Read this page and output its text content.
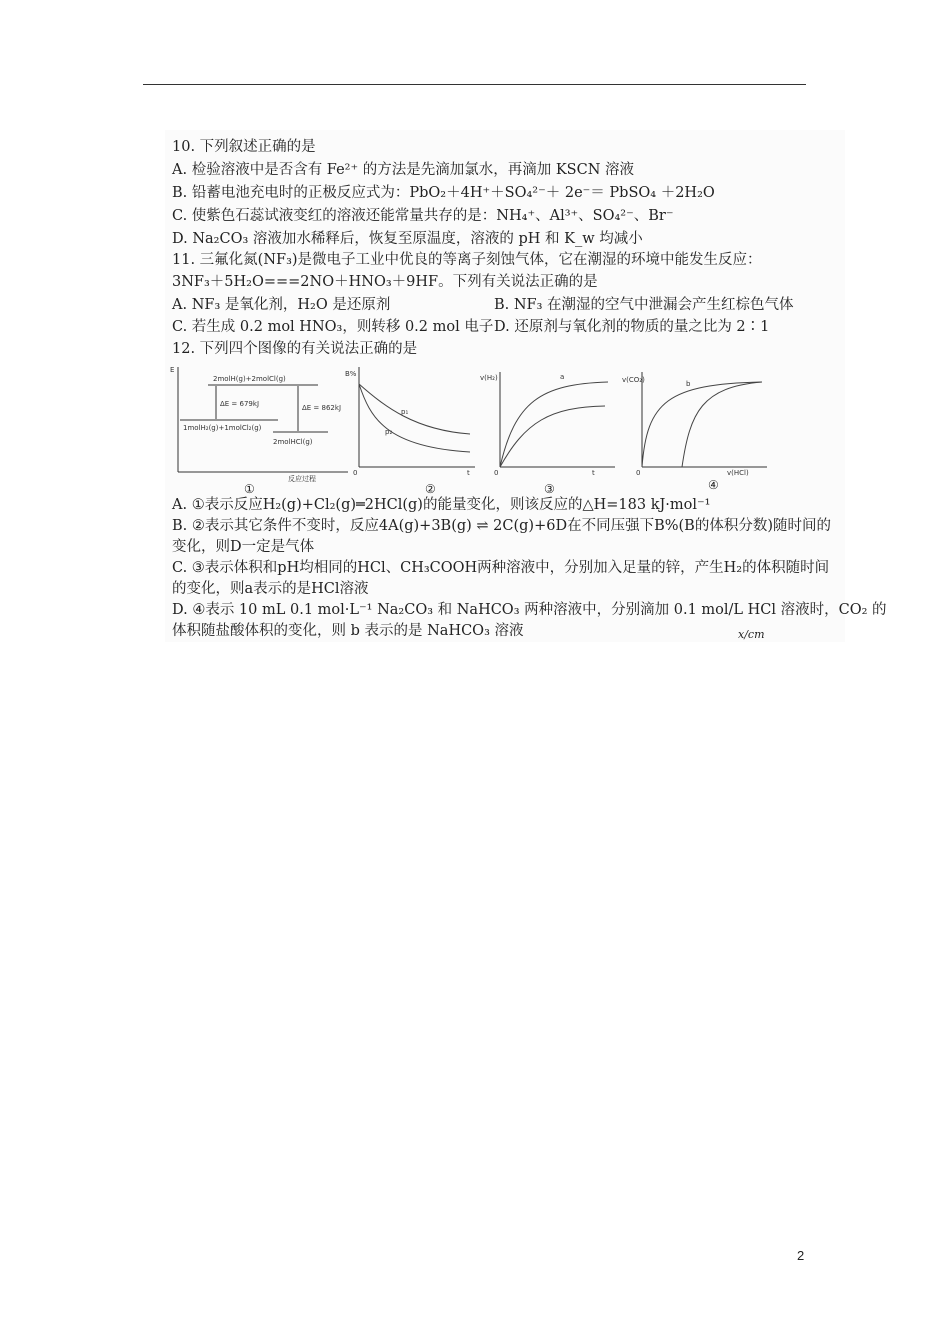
10. 下列叙述正确的是
A. 检验溶液中是否含有 Fe²⁺ 的方法是先滴加氯水，再滴加 KSCN 溶液
B. 铅蓄电池充电时的正极反应式为：PbO₂＋4H⁺＋SO₄²⁻＋ 2e⁻＝ PbSO₄ ＋2H₂O
C. 使紫色石蕊试液变红的溶液还能常量共存的是：NH₄⁺、Al³⁺、SO₄²⁻、Br⁻
D. Na₂CO₃ 溶液加水稀释后，恢复至原温度，溶液的 pH 和 K_w 均减小
11. 三氟化氮(NF₃)是微电子工业中优良的等离子刻蚀气体，它在潮湿的环境中能发生反应：
3NF₃＋5H₂O===2NO＋HNO₃＋9HF。下列有关说法正确的是
A. NF₃ 是氧化剂，H₂O 是还原剂	B. NF₃ 在潮湿的空气中泄漏会产生红棕色气体
C. 若生成 0.2 mol HNO₃，则转移 0.2 mol 电子 D. 还原剂与氧化剂的物质的量之比为 2∶1
12. 下列四个图像的有关说法正确的是
E
2molH(g)+2molCl(g)
1molH₂(g)+1molCl₂(g)
2molHCl(g)
ΔE = 679kJ	ΔE = 862kJ
反应过程
①
B%
0	t
p₁
p₂
②
v(H₂)
0	t
a
③
v(CO₂)
0	v(HCl)
b
④
A. ①表示反应H₂(g)+Cl₂(g)═2HCl(g)的能量变化，则该反应的△H=183 kJ·mol⁻¹
B. ②表示其它条件不变时，反应4A(g)+3B(g) ⇌ 2C(g)+6D在不同压强下B%(B的体积分数)随时间的
变化，则D一定是气体
C. ③表示体积和pH均相同的HCl、CH₃COOH两种溶液中，分别加入足量的锌，产生H₂的体积随时间
的变化，则a表示的是HCl溶液
D. ④表示 10 mL 0.1 mol·L⁻¹ Na₂CO₃ 和 NaHCO₃ 两种溶液中，分别滴加 0.1 mol/L HCl 溶液时，CO₂ 的
体积随盐酸体积的变化，则 b 表示的是 NaHCO₃ 溶液	x/cm
2
